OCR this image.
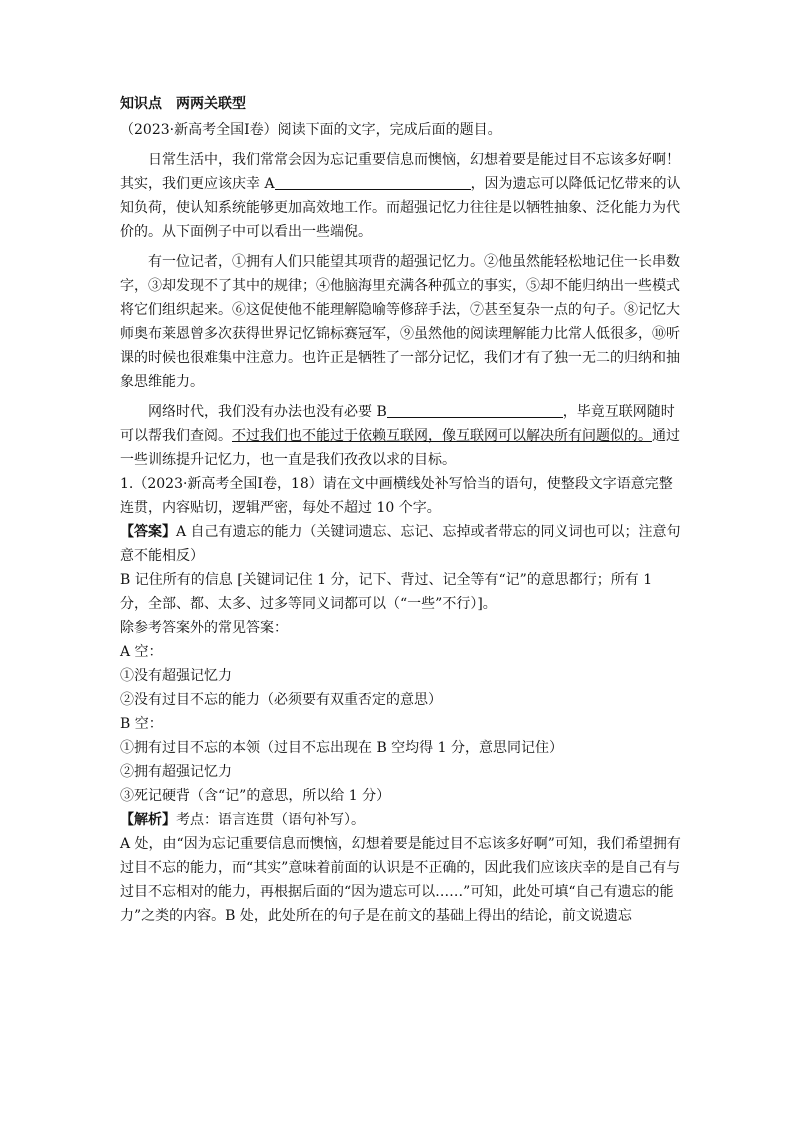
知识点 两两关联型

（2023·新高考全国Ⅰ卷）阅读下面的文字，完成后面的题目。

日常生活中，我们常常会因为忘记重要信息而懊恼，幻想着要是能过目不忘该多好啊！其实，我们更应该庆幸 A	，因为遗忘可以降低记忆带来的认知负荷，使认知系统能够更加高效地工作。而超强记忆力往往是以牺牲抽象、泛化能力为代价的。从下面例子中可以看出一些端倪。

有一位记者，①拥有人们只能望其项背的超强记忆力。②他虽然能轻松地记住一长串数字，③却发现不了其中的规律；④他脑海里充满各种孤立的事实，⑤却不能归纳出一些模式将它们组织起来。⑥这促使他不能理解隐喻等修辞手法，⑦甚至复杂一点的句子。⑧记忆大师奥布莱恩曾多次获得世界记忆锦标赛冠军，⑨虽然他的阅读理解能力比常人低很多，⑩听课的时候也很难集中注意力。也许正是牺牲了一部分记忆，我们才有了独一无二的归纳和抽象思维能力。

网络时代，我们没有办法也没有必要 B	，毕竟互联网随时可以帮我们查阅。不过我们也不能过于依赖互联网，像互联网可以解决所有问题似的。通过一些训练提升记忆力，也一直是我们孜孜以求的目标。

1.（2023·新高考全国Ⅰ卷，18）请在文中画横线处补写恰当的语句，使整段文字语意完整连贯，内容贴切，逻辑严密，每处不超过 10 个字。

【答案】A 自己有遗忘的能力（关键词遗忘、忘记、忘掉或者带忘的同义词也可以；注意句意不能相反）

B 记住所有的信息 [关键词记住 1 分，记下、背过、记全等有“记”的意思都行；所有 1 分，全部、都、太多、过多等同义词都可以（“一些”不行）]。

除参考答案外的常见答案：

A 空：

①没有超强记忆力

②没有过目不忘的能力（必须要有双重否定的意思）

B 空：

①拥有过目不忘的本领（过目不忘出现在 B 空均得 1 分，意思同记住）

②拥有超强记忆力

③死记硬背（含“记”的意思，所以给 1 分）

【解析】考点：语言连贯（语句补写）。

A 处，由“因为忘记重要信息而懊恼，幻想着要是能过目不忘该多好啊”可知，我们希望拥有过目不忘的能力，而“其实”意味着前面的认识是不正确的，因此我们应该庆幸的是自己有与过目不忘相对的能力，再根据后面的“因为遗忘可以……”可知，此处可填“自己有遗忘的能力”之类的内容。B 处，此处所在的句子是在前文的基础上得出的结论，前文说遗忘
